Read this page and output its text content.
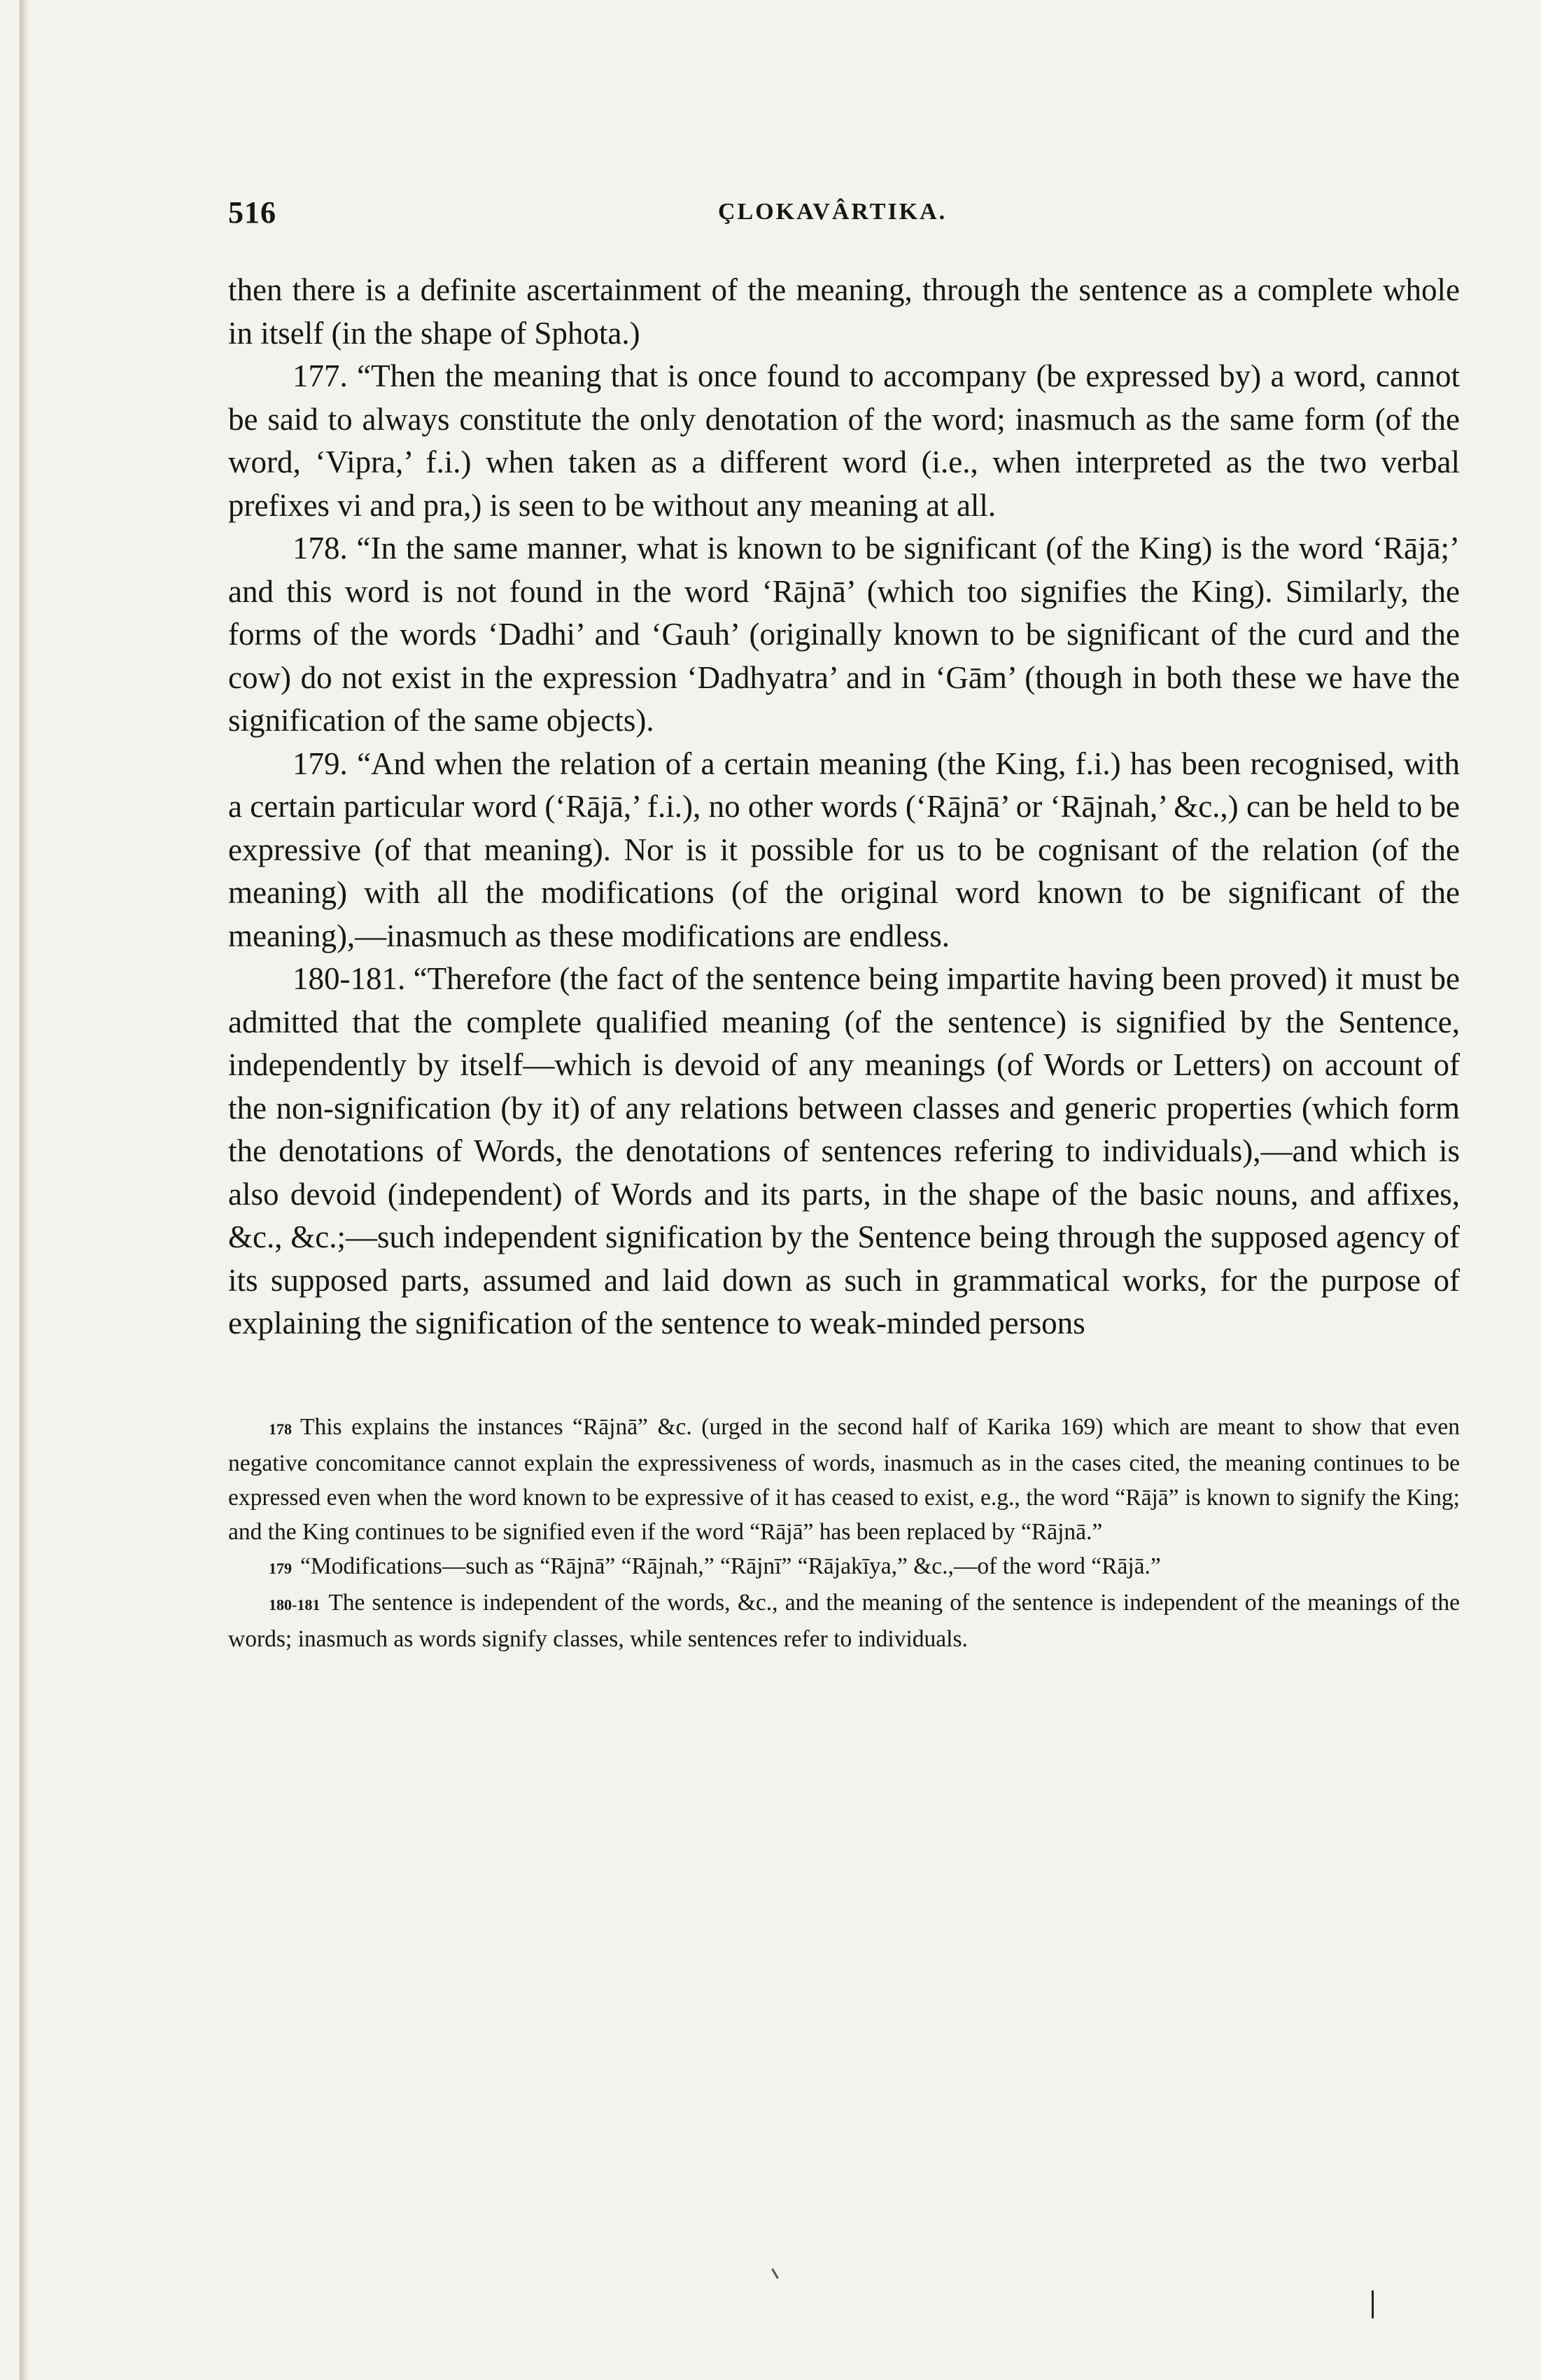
516	ÇLOKAVÂRTIKA.

then there is a definite ascertainment of the meaning, through the sentence as a complete whole in itself (in the shape of Sphota.)

177. “Then the meaning that is once found to accompany (be expressed by) a word, cannot be said to always constitute the only denotation of the word; inasmuch as the same form (of the word, ‘Vipra,’ f.i.) when taken as a different word (i.e., when interpreted as the two verbal prefixes vi and pra,) is seen to be without any meaning at all.

178. “In the same manner, what is known to be significant (of the King) is the word ‘Rājā;’ and this word is not found in the word ‘Rājnā’ (which too signifies the King). Similarly, the forms of the words ‘Dadhi’ and ‘Gauh’ (originally known to be significant of the curd and the cow) do not exist in the expression ‘Dadhyatra’ and in ‘Gām’ (though in both these we have the signification of the same objects).

179. “And when the relation of a certain meaning (the King, f.i.) has been recognised, with a certain particular word (‘Rājā,’ f.i.), no other words (‘Rājnā’ or ‘Rājnah,’ &c.,) can be held to be expressive (of that meaning). Nor is it possible for us to be cognisant of the relation (of the meaning) with all the modifications (of the original word known to be significant of the meaning),—inasmuch as these modifications are endless.

180-181. “Therefore (the fact of the sentence being impartite having been proved) it must be admitted that the complete qualified meaning (of the sentence) is signified by the Sentence, independently by itself—which is devoid of any meanings (of Words or Letters) on account of the non-signification (by it) of any relations between classes and generic properties (which form the denotations of Words, the denotations of sentences refering to individuals),—and which is also devoid (independent) of Words and its parts, in the shape of the basic nouns, and affixes, &c., &c.;—such independent signification by the Sentence being through the supposed agency of its supposed parts, assumed and laid down as such in grammatical works, for the purpose of explaining the signification of the sentence to weak-minded persons

178 This explains the instances “Rājnā” &c. (urged in the second half of Karika 169) which are meant to show that even negative concomitance cannot explain the expressiveness of words, inasmuch as in the cases cited, the meaning continues to be expressed even when the word known to be expressive of it has ceased to exist, e.g., the word “Rājā” is known to signify the King; and the King continues to be signified even if the word “Rājā” has been replaced by “Rājnā.”

179 “Modifications—such as “Rājnā” “Rājnah,” “Rājnī” “Rājakīya,” &c.,—of the word “Rājā.”

180-181 The sentence is independent of the words, &c., and the meaning of the sentence is independent of the meanings of the words; inasmuch as words signify classes, while sentences refer to individuals.
